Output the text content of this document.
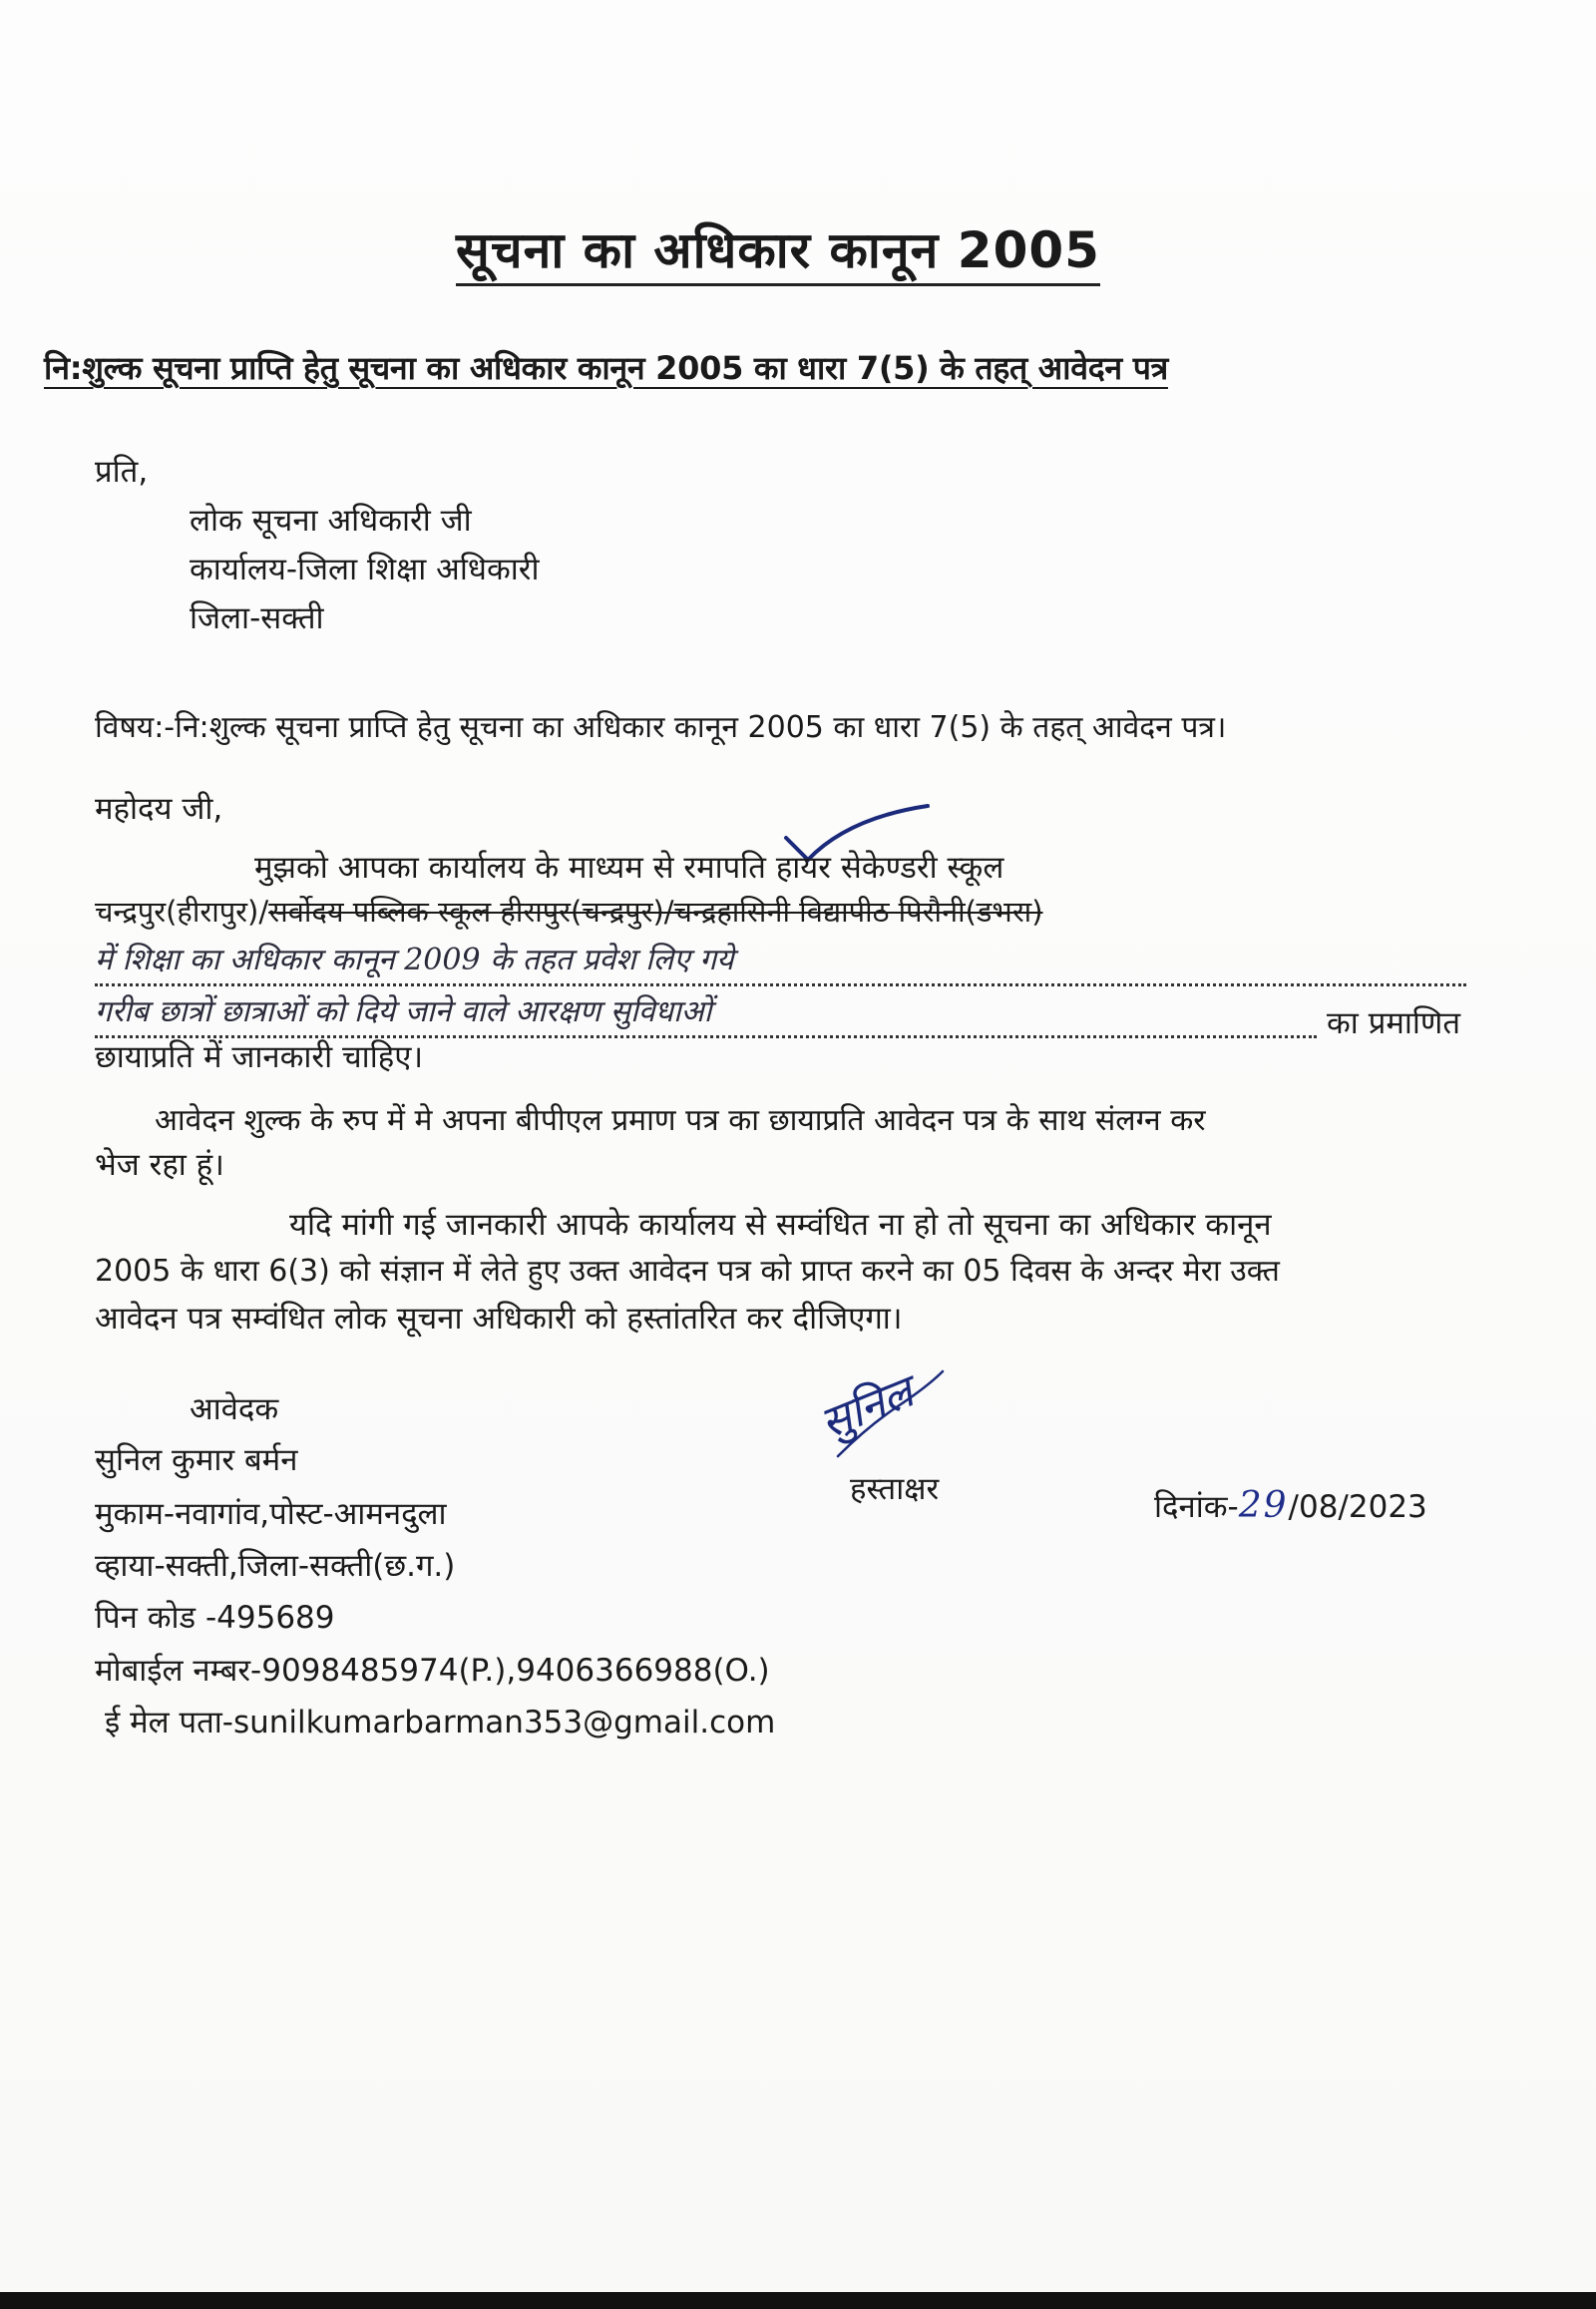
सूचना का अधिकार कानून 2005
नि:शुल्क सूचना प्राप्ति हेतु सूचना का अधिकार कानून 2005 का धारा 7(5) के तहत् आवेदन पत्र
प्रति,
लोक सूचना अधिकारी जी
कार्यालय-जिला शिक्षा अधिकारी
जिला-सक्ती
विषय:-नि:शुल्क सूचना प्राप्ति हेतु सूचना का अधिकार कानून 2005 का धारा 7(5) के तहत् आवेदन पत्र।
महोदय जी,
मुझको आपका कार्यालय के माध्यम से रमापति हायर सेकेण्डरी स्कूल
चन्द्रपुर(हीरापुर)/सर्वोदय पब्लिक स्कूल हीरापुर(चन्द्रपुर)/चन्द्रहासिनी विद्यापीठ पिरौनी(डभरा)
में शिक्षा का अधिकार कानून 2009 के तहत प्रवेश लिए गये
गरीब छात्रों छात्राओं को दिये जाने वाले आरक्षण सुविधाओं	का प्रमाणित
छायाप्रति में जानकारी चाहिए।
आवेदन शुल्क के रुप में मे अपना बीपीएल प्रमाण पत्र का छायाप्रति आवेदन पत्र के साथ संलग्न कर
भेज रहा हूं।
यदि मांगी गई जानकारी आपके कार्यालय से सम्वंधित ना हो तो सूचना का अधिकार कानून
2005 के धारा 6(3) को संज्ञान में लेते हुए उक्त आवेदन पत्र को प्राप्त करने का 05 दिवस के अन्दर मेरा उक्त
आवेदन पत्र सम्वंधित लोक सूचना अधिकारी को हस्तांतरित कर दीजिएगा।
आवेदक
सुनिल कुमार बर्मन
मुकाम-नवागांव,पोस्ट-आमनदुला
व्हाया-सक्ती,जिला-सक्ती(छ.ग.)
पिन कोड -495689
मोबाईल नम्बर-9098485974(P.),9406366988(O.)
ई मेल पता-sunilkumarbarman353@gmail.com
सुनिल
हस्ताक्षर	दिनांक-29/08/2023
